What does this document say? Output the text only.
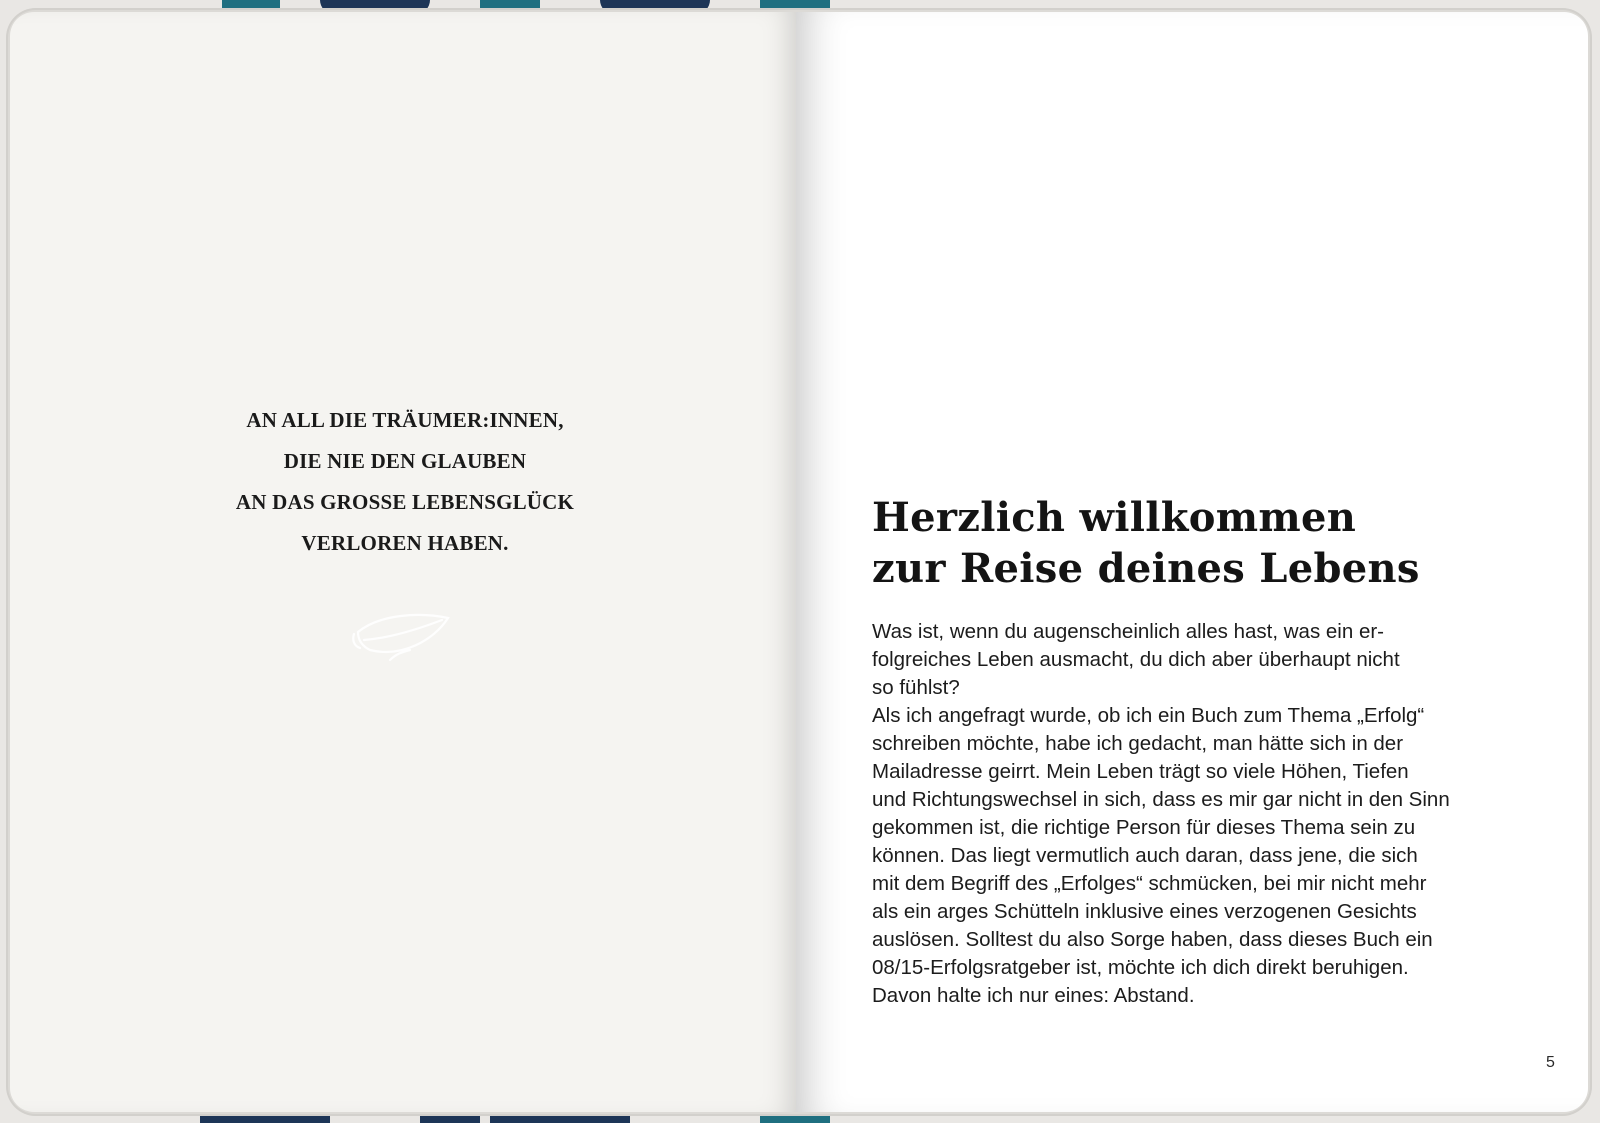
AN ALL DIE TRÄUMER:INNEN,
DIE NIE DEN GLAUBEN
AN DAS GROSSE LEBENSGLÜCK
VERLOREN HABEN.
Herzlich willkommen
zur Reise deines Lebens
Was ist, wenn du augenscheinlich alles hast, was ein er-
folgreiches Leben ausmacht, du dich aber überhaupt nicht
so fühlst?
Als ich angefragt wurde, ob ich ein Buch zum Thema „Erfolg“
schreiben möchte, habe ich gedacht, man hätte sich in der
Mailadresse geirrt. Mein Leben trägt so viele Höhen, Tiefen
und Richtungswechsel in sich, dass es mir gar nicht in den Sinn
gekommen ist, die richtige Person für dieses Thema sein zu
können. Das liegt vermutlich auch daran, dass jene, die sich
mit dem Begriff des „Erfolges“ schmücken, bei mir nicht mehr
als ein arges Schütteln inklusive eines verzogenen Gesichts
auslösen. Solltest du also Sorge haben, dass dieses Buch ein
08/15-Erfolgsratgeber ist, möchte ich dich direkt beruhigen.
Davon halte ich nur eines: Abstand.
5
